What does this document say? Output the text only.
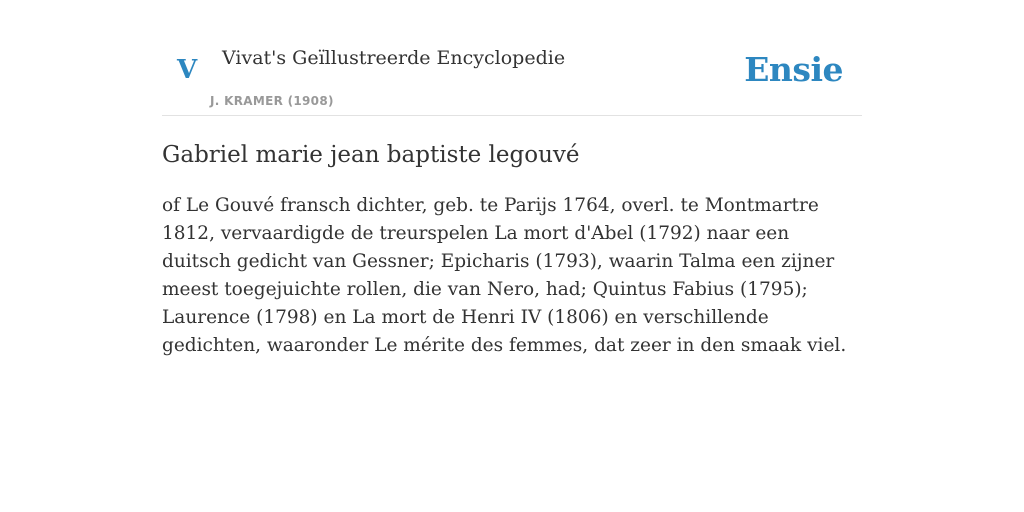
V Vivat's Geïllustreerde Encyclopedie
J. KRAMER (1908)
Ensie
Gabriel marie jean baptiste legouvé

of Le Gouvé fransch dichter, geb. te Parijs 1764, overl. te Montmartre 1812, vervaardigde de treurspelen La mort d'Abel (1792) naar een duitsch gedicht van Gessner; Epicharis (1793), waarin Talma een zijner meest toegejuichte rollen, die van Nero, had; Quintus Fabius (1795); Laurence (1798) en La mort de Henri IV (1806) en verschillende gedichten, waaronder Le mérite des femmes, dat zeer in den smaak viel.
